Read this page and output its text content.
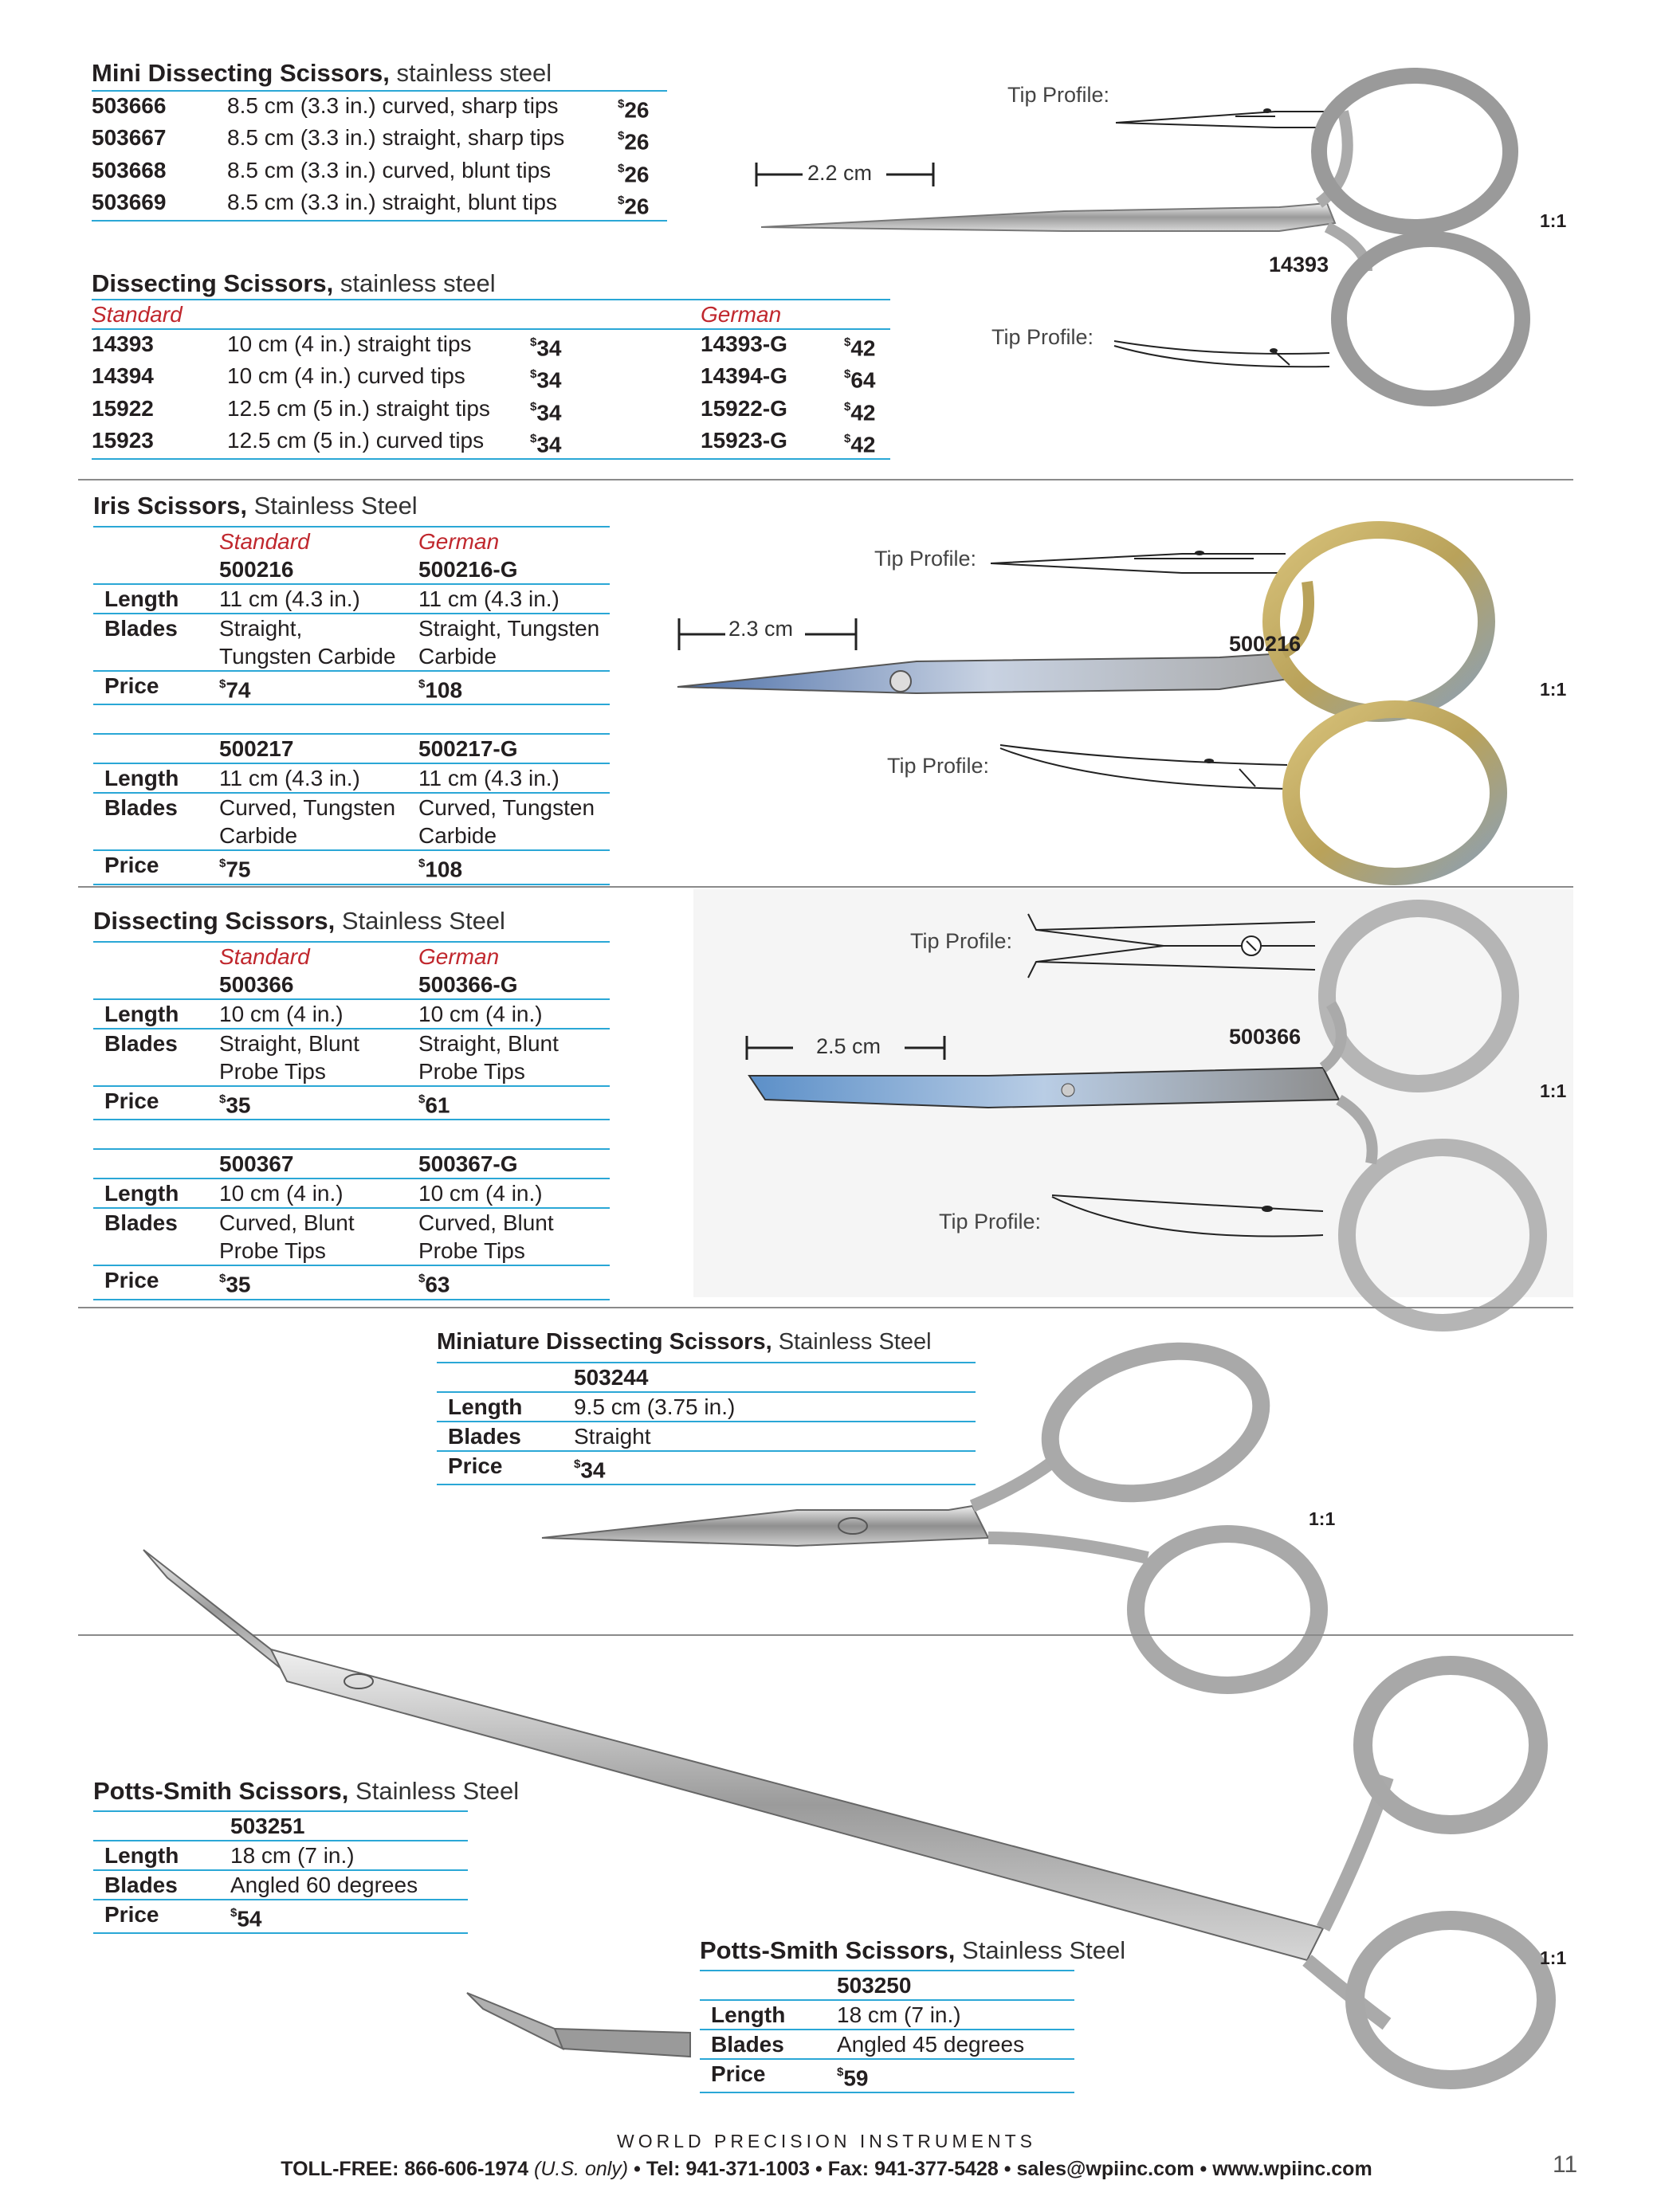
Mini Dissecting Scissors, stainless steel
503666	8.5 cm (3.3 in.) curved, sharp tips	$26
503667	8.5 cm (3.3 in.) straight, sharp tips	$26
503668	8.5 cm (3.3 in.) curved, blunt tips	$26
503669	8.5 cm (3.3 in.) straight, blunt tips	$26
Dissecting Scissors, stainless steel
Standard			German	
14393	10 cm (4 in.) straight tips	$34	14393-G	$42
14394	10 cm (4 in.) curved tips	$34	14394-G	$64
15922	12.5 cm (5 in.) straight tips	$34	15922-G	$42
15923	12.5 cm (5 in.) curved tips	$34	15923-G	$42
Tip Profile:
Tip Profile:
2.2 cm
14393
1:1
Iris Scissors, Stainless Steel
	Standard	German
	500216	500216-G
Length	11 cm (4.3 in.)	11 cm (4.3 in.)
Blades	Straight,	Straight, Tungsten
	Tungsten Carbide	Carbide
Price	$74	$108

	500217	500217-G
Length	11 cm (4.3 in.)	11 cm (4.3 in.)
Blades	Curved, Tungsten	Curved, Tungsten
	Carbide	Carbide
Price	$75	$108
Tip Profile:
Tip Profile:
2.3 cm
500216
1:1
Dissecting Scissors, Stainless Steel
	Standard	German
	500366	500366-G
Length	10 cm (4 in.)	10 cm (4 in.)
Blades	Straight, Blunt	Straight, Blunt
	Probe Tips	Probe Tips
Price	$35	$61

	500367	500367-G
Length	10 cm (4 in.)	10 cm (4 in.)
Blades	Curved, Blunt	Curved, Blunt
	Probe Tips	Probe Tips
Price	$35	$63
Tip Profile:
Tip Profile:
2.5 cm	500366
1:1
Miniature Dissecting Scissors, Stainless Steel
	503244
Length	9.5 cm (3.75 in.)
Blades	Straight
Price	$34
1:1
Potts-Smith Scissors, Stainless Steel
	503251
Length	18 cm (7 in.)
Blades	Angled 60 degrees
Price	$54
Potts-Smith Scissors, Stainless Steel
	503250
Length	18 cm (7 in.)
Blades	Angled 45 degrees
Price	$59
1:1
WORLD PRECISION INSTRUMENTS
TOLL-FREE: 866-606-1974 (U.S. only) • Tel: 941-371-1003 • Fax: 941-377-5428 • sales@wpiinc.com • www.wpiinc.com	11
